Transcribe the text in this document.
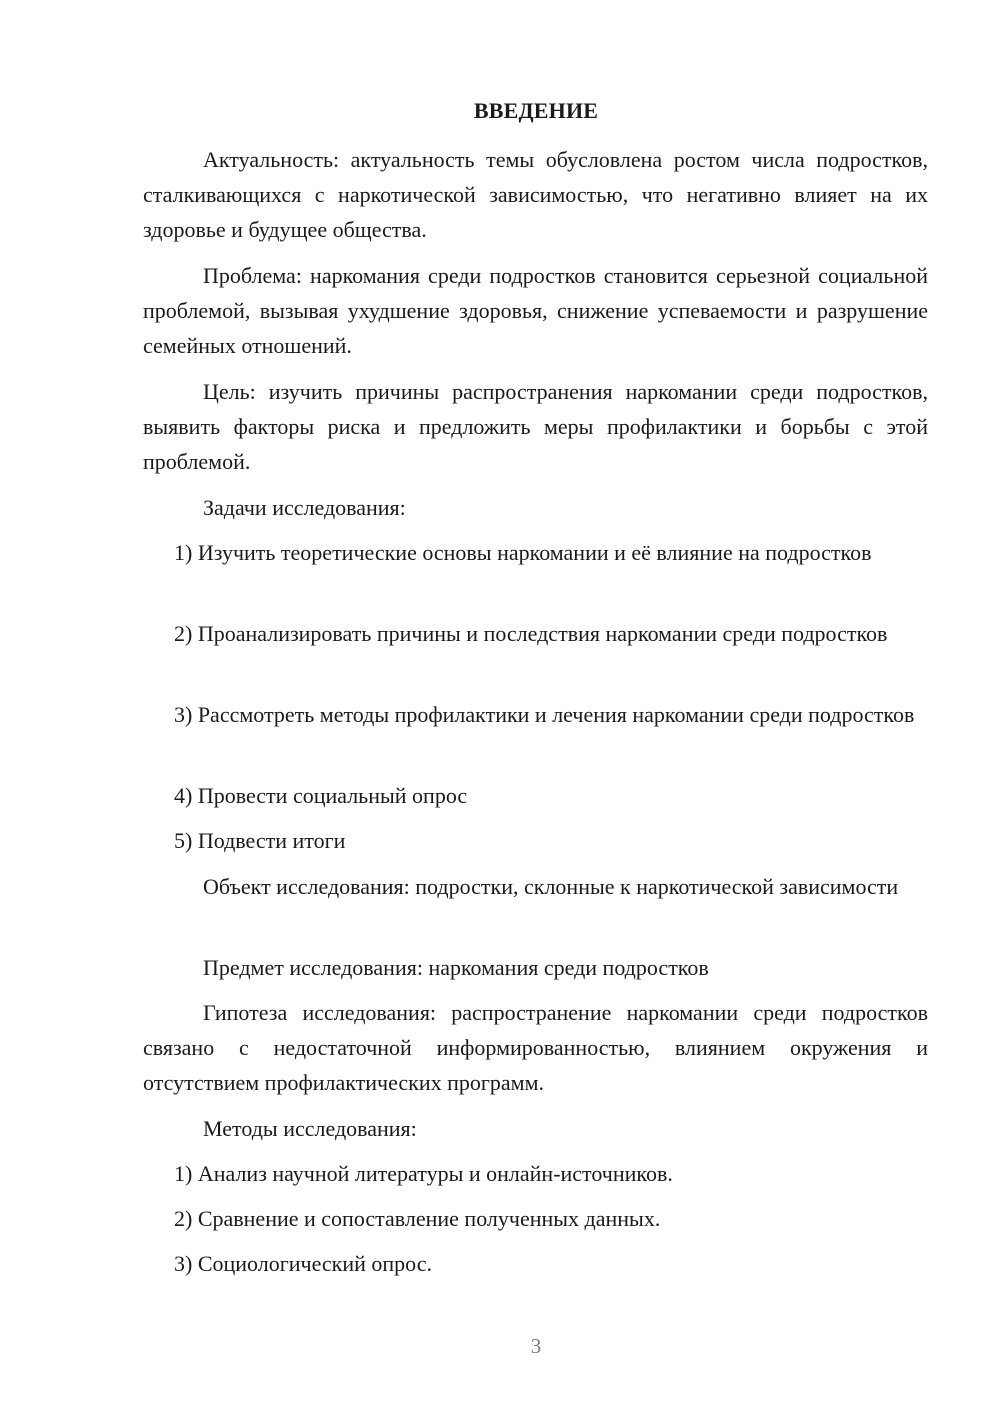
ВВЕДЕНИЕ

Актуальность: актуальность темы обусловлена ростом числа подростков, сталкивающихся с наркотической зависимостью, что негативно влияет на их здоровье и будущее общества.

Проблема: наркомания среди подростков становится серьезной социальной проблемой, вызывая ухудшение здоровья, снижение успеваемости и разрушение семейных отношений.

Цель: изучить причины распространения наркомании среди подростков, выявить факторы риска и предложить меры профилактики и борьбы с этой проблемой.

Задачи исследования:

1) Изучить теоретические основы наркомании и её влияние на подростков

2) Проанализировать причины и последствия наркомании среди подростков

3) Рассмотреть методы профилактики и лечения наркомании среди подростков

4) Провести социальный опрос

5) Подвести итоги

Объект исследования: подростки, склонные к наркотической зависимости

Предмет исследования: наркомания среди подростков

Гипотеза исследования: распространение наркомании среди подростков связано с недостаточной информированностью, влиянием окружения и отсутствием профилактических программ.

Методы исследования:

1) Анализ научной литературы и онлайн-источников.

2) Сравнение и сопоставление полученных данных.

3) Социологический опрос.

3
